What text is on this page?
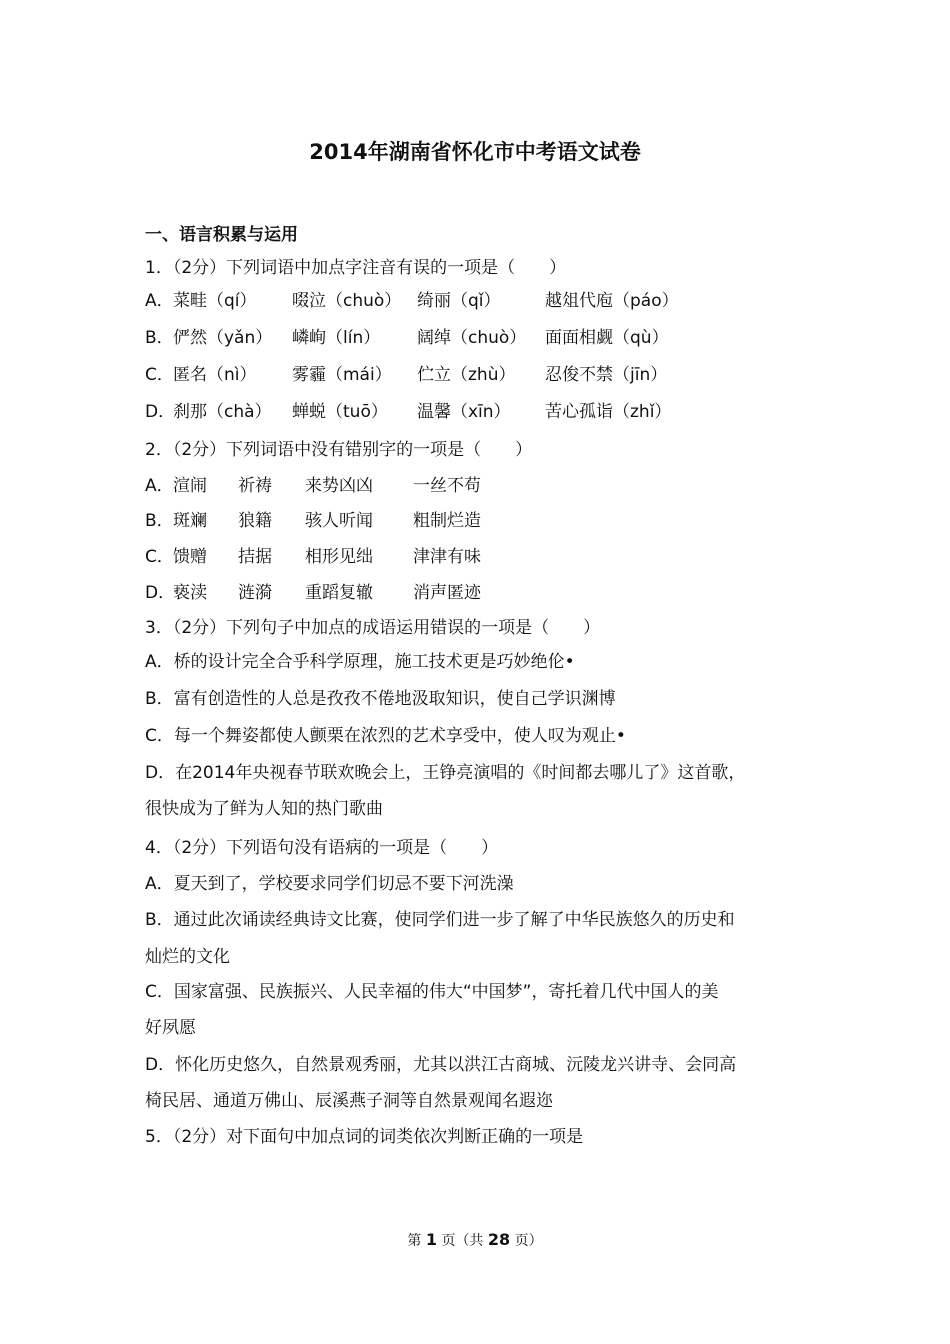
2014年湖南省怀化市中考语文试卷
一、语言积累与运用
1．（2分）下列词语中加点字注音有误的一项是（　　）
A． 菜畦（qí） 啜泣（chuò） 绮丽（qǐ）	越俎代庖（páo）
B． 俨然（yǎn） 嶙峋（lín） 阔绰（chuò） 面面相觑（qù）
C． 匿名（nì） 雾霾（mái） 伫立（zhù） 忍俊不禁（jīn）
D．
刹那（chà） 蝉蜕（tuō） 温馨（xīn） 苦心孤诣（zhǐ）
2．（2分）下列词语中没有错别字的一项是（　　）
A． 渲闹 祈祷 来势凶凶 一丝不苟
B． 斑斓 狼籍 骇人听闻 粗制烂造
C． 馈赠 拮据 相形见绌 津津有味
D．
亵渎 涟漪 重蹈复辙 消声匿迹
3．（2分）下列句子中加点的成语运用错误的一项是（　　）
A．桥的设计完全合乎科学原理，施工技术更是巧妙绝伦•
B．富有创造性的人总是孜孜不倦地汲取知识，使自己学识渊博
C．每一个舞姿都使人颤栗在浓烈的艺术享受中，使人叹为观止•
D．在2014年央视春节联欢晚会上，王铮亮演唱的《时间都去哪儿了》这首歌，
很快成为了鲜为人知的热门歌曲
4．（2分）下列语句没有语病的一项是（　　）
A．夏天到了，学校要求同学们切忌不要下河洗澡
B．通过此次诵读经典诗文比赛，使同学们进一步了解了中华民族悠久的历史和
灿烂的文化
C．国家富强、民族振兴、人民幸福的伟大“中国梦”，寄托着几代中国人的美
好夙愿
D．怀化历史悠久，自然景观秀丽，尤其以洪江古商城、沅陵龙兴讲寺、会同高
椅民居、通道万佛山、辰溪燕子洞等自然景观闻名遐迩
5．（2分）对下面句中加点词的词类依次判断正确的一项是
第 1 页（共 28 页）
